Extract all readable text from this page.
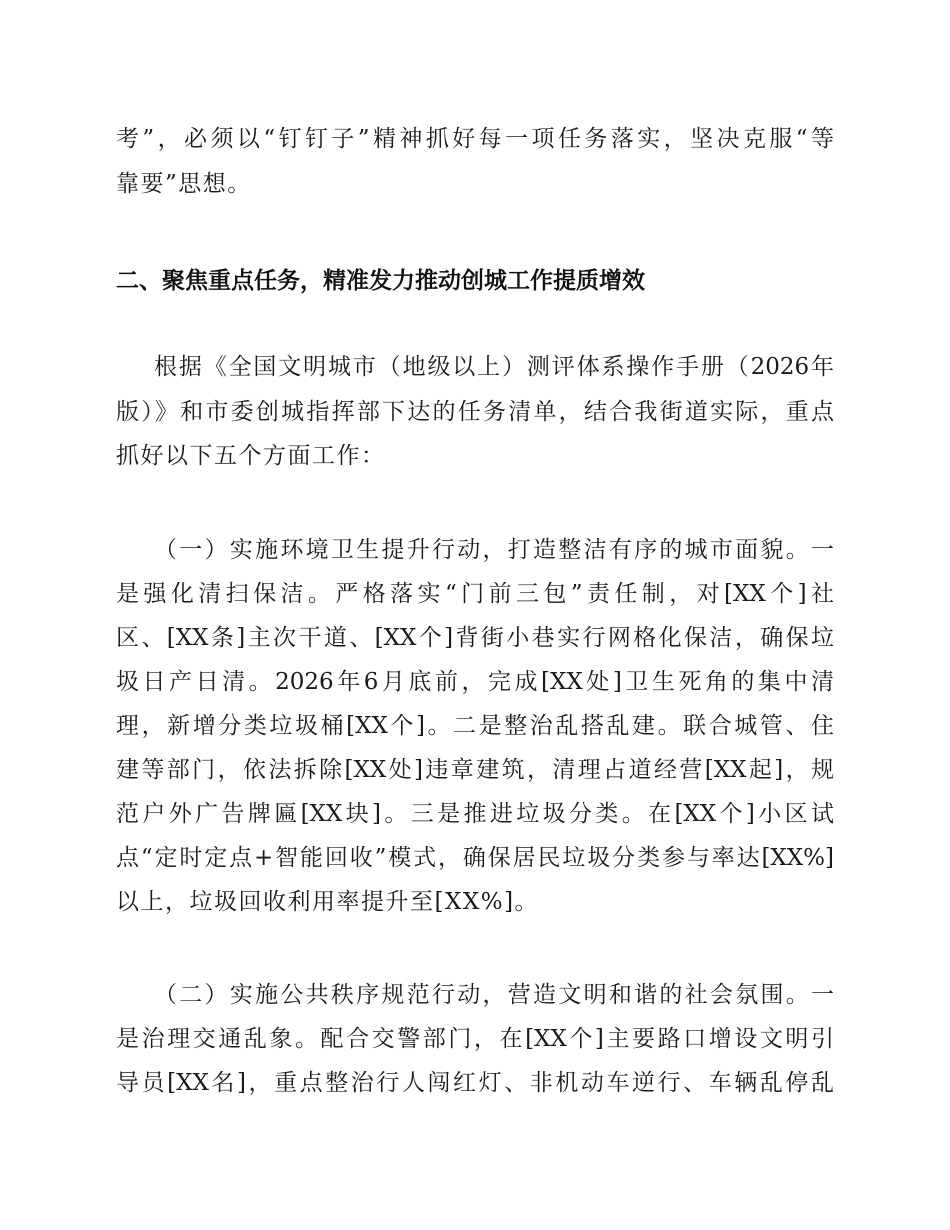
考”，必须以“钉钉子”精神抓好每一项任务落实，坚决克服“等
靠要”思想。
二、聚焦重点任务，精准发力推动创城工作提质增效
根据《全国文明城市（地级以上）测评体系操作手册（2026年
版）》和市委创城指挥部下达的任务清单，结合我街道实际，重点
抓好以下五个方面工作：
（一）实施环境卫生提升行动，打造整洁有序的城市面貌。一
是强化清扫保洁。严格落实“门前三包”责任制，对[XX个]社
区、[XX条]主次干道、[XX个]背街小巷实行网格化保洁，确保垃
圾日产日清。2026年6月底前，完成[XX处]卫生死角的集中清
理，新增分类垃圾桶[XX个]。二是整治乱搭乱建。联合城管、住
建等部门，依法拆除[XX处]违章建筑，清理占道经营[XX起]，规
范户外广告牌匾[XX块]。三是推进垃圾分类。在[XX个]小区试
点“定时定点+智能回收”模式，确保居民垃圾分类参与率达[XX%]
以上，垃圾回收利用率提升至[XX%]。
（二）实施公共秩序规范行动，营造文明和谐的社会氛围。一
是治理交通乱象。配合交警部门，在[XX个]主要路口增设文明引
导员[XX名]，重点整治行人闯红灯、非机动车逆行、车辆乱停乱
